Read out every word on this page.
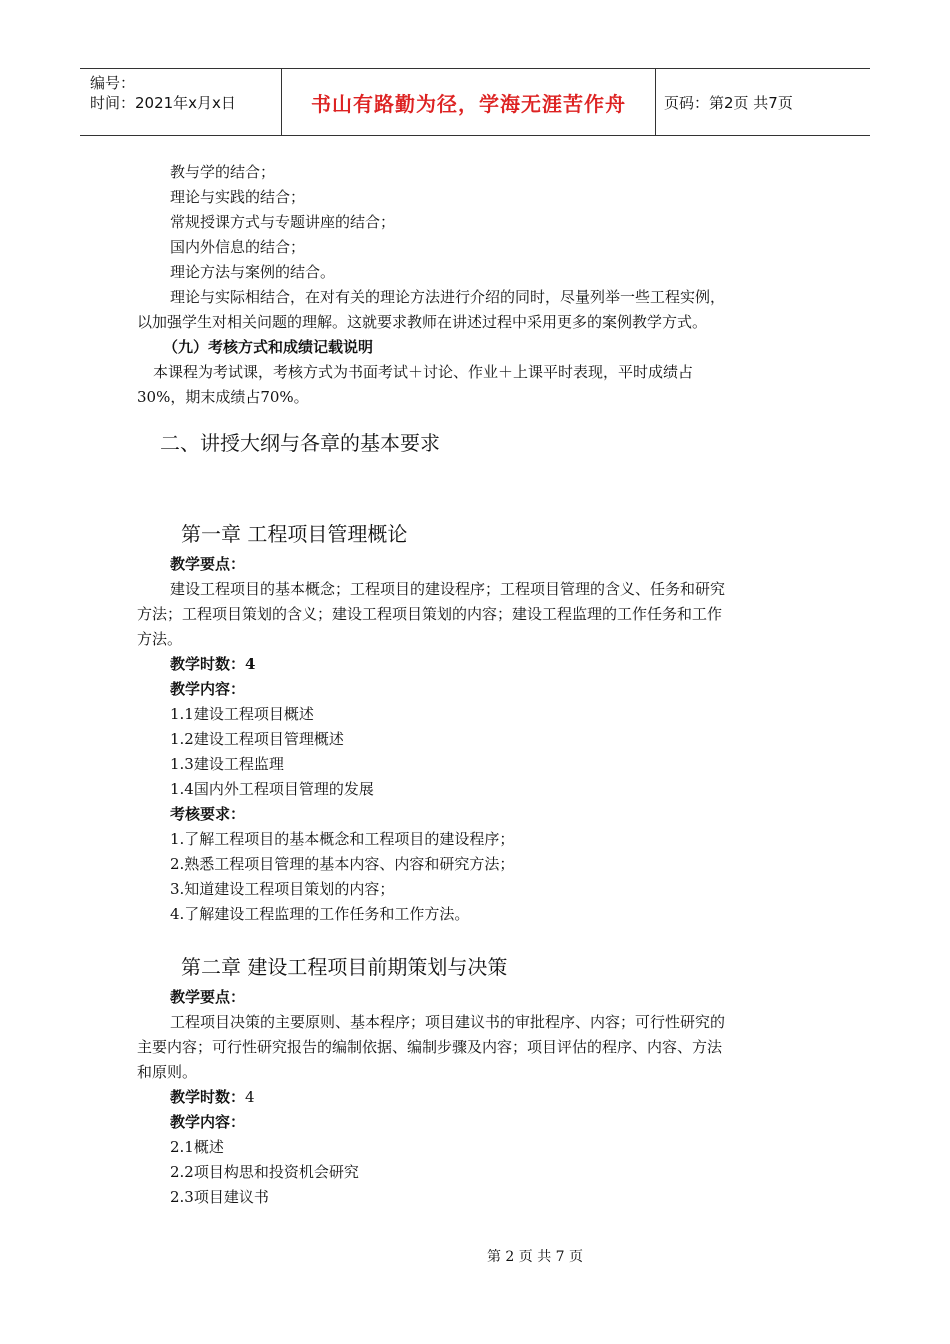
编号：
时间：2021年x月x日	书山有路勤为径，学海无涯苦作舟	页码：第2页 共7页
教与学的结合；
理论与实践的结合；
常规授课方式与专题讲座的结合；
国内外信息的结合；
理论方法与案例的结合。
理论与实际相结合，在对有关的理论方法进行介绍的同时，尽量列举一些工程实例，
以加强学生对相关问题的理解。这就要求教师在讲述过程中采用更多的案例教学方式。
（九）考核方式和成绩记载说明
本课程为考试课，考核方式为书面考试＋讨论、作业＋上课平时表现，平时成绩占
30%，期末成绩占70%。
二、讲授大纲与各章的基本要求
第一章 工程项目管理概论
教学要点：
建设工程项目的基本概念；工程项目的建设程序；工程项目管理的含义、任务和研究
方法；工程项目策划的含义；建设工程项目策划的内容；建设工程监理的工作任务和工作
方法。
教学时数：4
教学内容：
1.1建设工程项目概述
1.2建设工程项目管理概述
1.3建设工程监理
1.4国内外工程项目管理的发展
考核要求：
1.了解工程项目的基本概念和工程项目的建设程序；
2.熟悉工程项目管理的基本内容、内容和研究方法；
3.知道建设工程项目策划的内容；
4.了解建设工程监理的工作任务和工作方法。
第二章 建设工程项目前期策划与决策
教学要点：
工程项目决策的主要原则、基本程序；项目建议书的审批程序、内容；可行性研究的
主要内容；可行性研究报告的编制依据、编制步骤及内容；项目评估的程序、内容、方法
和原则。
教学时数：4
教学内容：
2.1概述
2.2项目构思和投资机会研究
2.3项目建议书
第 2 页 共 7 页
